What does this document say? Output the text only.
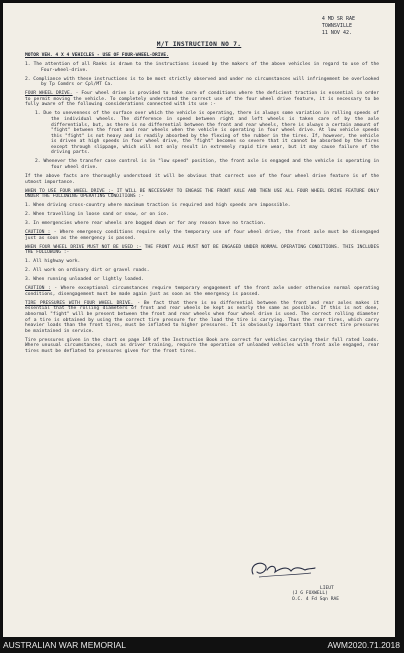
4 MD SR RAE
TOWNSVILLE
11 NOV 42.
M/T INSTRUCTION NO 7.

MOTOR VEH. 4 X 4 VEHICLES - USE OF FOUR-WHEEL-DRIVE.

1. The attention of all Ranks is drawn to the instructions issued by the makers of the above vehicles in regard to use of the Four-wheel-drive.

2. Compliance with these instructions is to be most strictly observed and under no circumstances will infringement be overlooked by Tp Comdrs or Cpl/MT Ca.

FOUR WHEEL DRIVE. - Four wheel drive is provided to take care of conditions where the deficient traction is essential in order to permit moving the vehicle. To completely understand the correct use of the four wheel drive feature, it is necessary to be fully aware of the following considerations connected with its use :-

1. Due to unevenness of the surface over which the vehicle is operating, there is always some variation in rolling speeds of the individual wheels. The difference in speed between right and left wheels is taken care of by the axle differentials, but, as there is no differential between the front and rear wheels, there is always a certain amount of "fight" between the front and rear wheels when the vehicle is operating in four wheel drive. At low vehicle speeds this "fight" is not heavy and is readily absorbed by the flexing of the rubber in the tires. If, however, the vehicle is driven at high speeds in four wheel drive, the "fight" becomes so severe that it cannot be absorbed by the tires except through slippage, which will not only result in extremely rapid tire wear, but it may cause failure of the driving parts.

2. Whenever the transfer case control is in "low speed" position, the front axle is engaged and the vehicle is operating in four wheel drive.

If the above facts are thoroughly understood it will be obvious that correct use of the four wheel drive feature is of the utmost importance.

WHEN TO USE FOUR WHEEL DRIVE :- IT WILL BE NECESSARY TO ENGAGE THE FRONT AXLE AND THEN USE ALL FOUR WHEEL DRIVE FEATURE ONLY UNDER THE FOLLOWING OPERATING CONDITIONS :-

1. When driving cross-country where maximum traction is required and high speeds are impossible.

2. When travelling in loose sand or snow, or on ice.

3. In emergencies where rear wheels are bogged down or for any reason have no traction.

CAUTION : - Where emergency conditions require only the temporary use of four wheel drive, the front axle must be disengaged just as soon as the emergency is passed.

WHEN FOUR WHEEL DRIVE MUST NOT BE USED :- THE FRONT AXLE MUST NOT BE ENGAGED UNDER NORMAL OPERATING CONDITIONS. THIS INCLUDES THE FOLLOWING :-

1. All highway work.

2. All work on ordinary dirt or gravel roads.

3. When running unloaded or lightly loaded.

CAUTION : - Where exceptional circumstances require temporary engagement of the front axle under otherwise normal operating conditions, disengagement must be made again just as soon as the emergency is passed.

TIRE PRESSURES WITH FOUR WHEEL DRIVE. - Be fact that there is no differential between the front and rear axles makes it essential that the rolling diameters of front and rear wheels be kept as nearly the same as possible. If this is not done, abnormal "fight" will be present between the front and rear wheels when four wheel drive is used. The correct rolling diameter of a tire is obtained by using the correct tire pressure for the load the tire is carrying. Thus the rear tires, which carry heavier loads than the front tires, must be inflated to higher pressures. It is obviously important that correct tire pressures be maintained in service.

Tire pressures given in the chart on page 149 of the Instruction Book are correct for vehicles carrying their full rated loads. Where unusual circumstances, such as driver training, require the operation of unloaded vehicles with front axle engaged, rear tires must be deflated to pressures given for the front tires.

LIEUT
(J G FOXWELL)
O.C. 4 Fd Sqn RAE
AUSTRALIAN WAR MEMORIAL	AWM2020.71.2018
